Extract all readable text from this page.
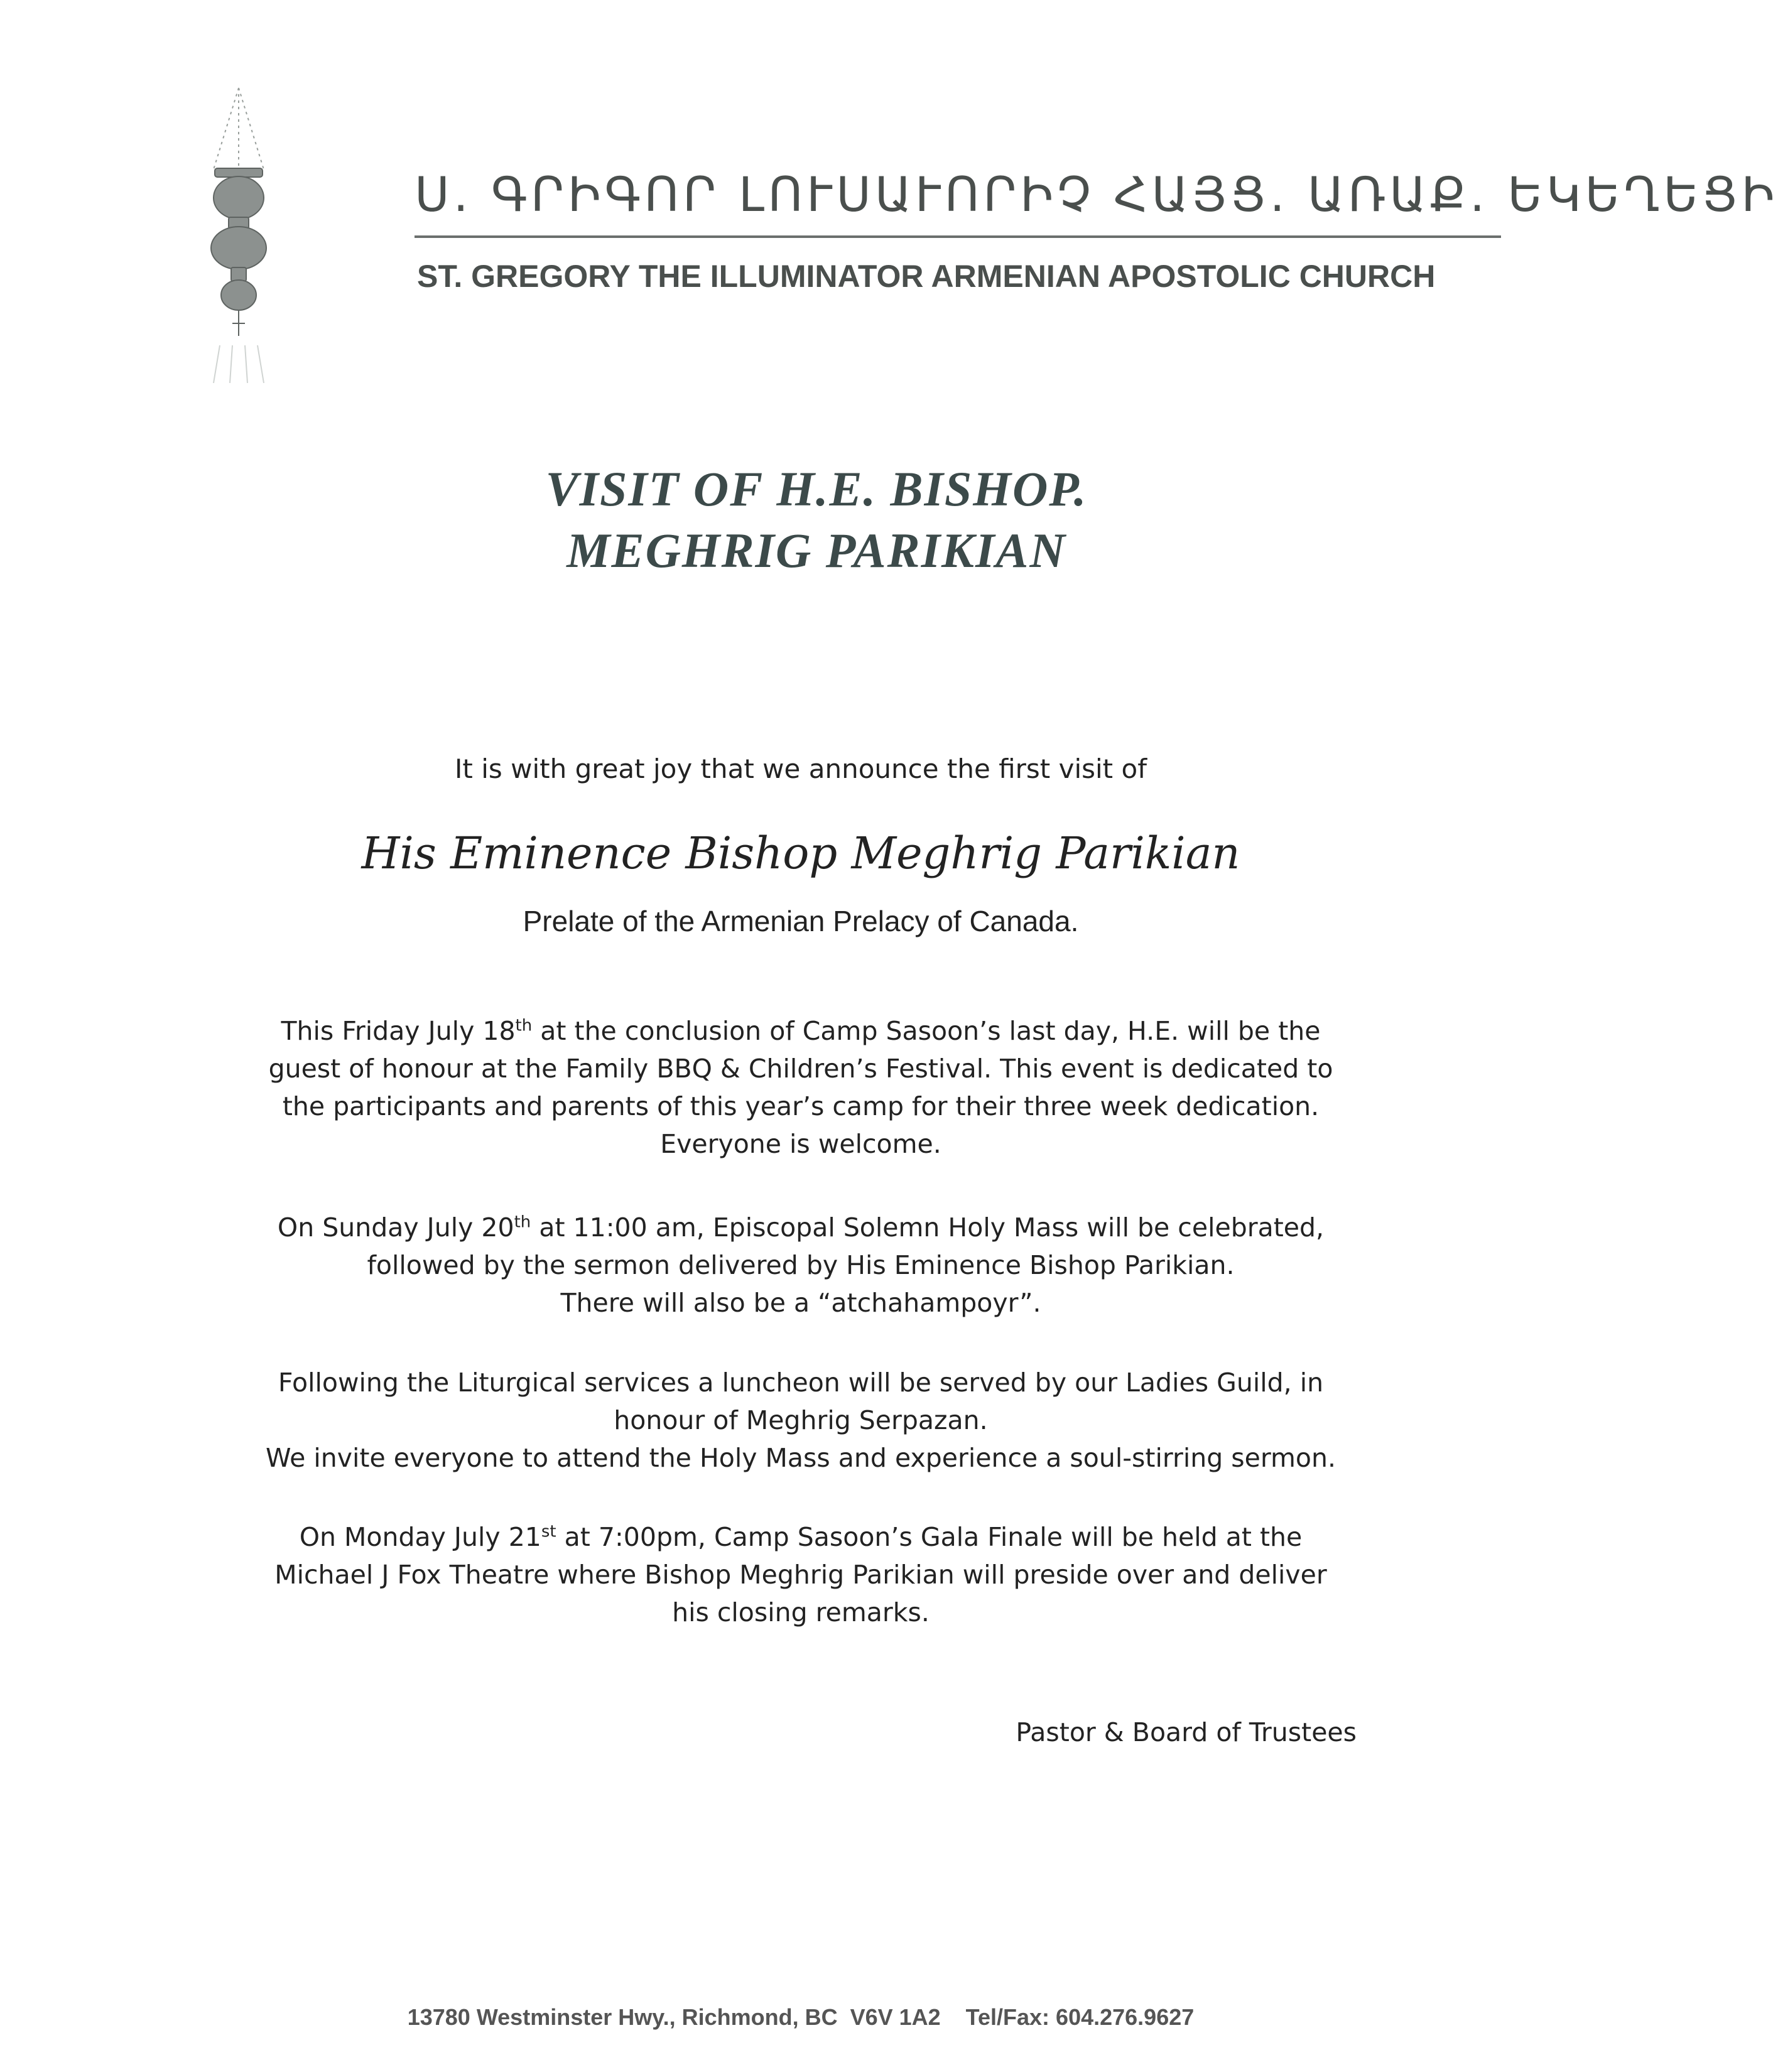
Ս. ԳՐԻԳՈՐ ԼՈՒՍԱՒՈՐԻՉ ՀԱՅՑ. ԱՌԱՔ. ԵԿԵՂԵՑԻ
ST. GREGORY THE ILLUMINATOR ARMENIAN APOSTOLIC CHURCH
VISIT OF H.E. BISHOP.
MEGHRIG PARIKIAN
It is with great joy that we announce the first visit of
His Eminence Bishop Meghrig Parikian
Prelate of the Armenian Prelacy of Canada.
This Friday July 18th at the conclusion of Camp Sasoon’s last day, H.E. will be the
guest of honour at the Family BBQ & Children’s Festival. This event is dedicated to
the participants and parents of this year’s camp for their three week dedication.
Everyone is welcome.
On Sunday July 20th at 11:00 am, Episcopal Solemn Holy Mass will be celebrated,
followed by the sermon delivered by His Eminence Bishop Parikian.
There will also be a “atchahampoyr”.
Following the Liturgical services a luncheon will be served by our Ladies Guild, in
honour of Meghrig Serpazan.
We invite everyone to attend the Holy Mass and experience a soul-stirring sermon.
On Monday July 21st at 7:00pm, Camp Sasoon’s Gala Finale will be held at the
Michael J Fox Theatre where Bishop Meghrig Parikian will preside over and deliver
his closing remarks.
Pastor & Board of Trustees
13780 Westminster Hwy., Richmond, BC  V6V 1A2    Tel/Fax: 604.276.9627
